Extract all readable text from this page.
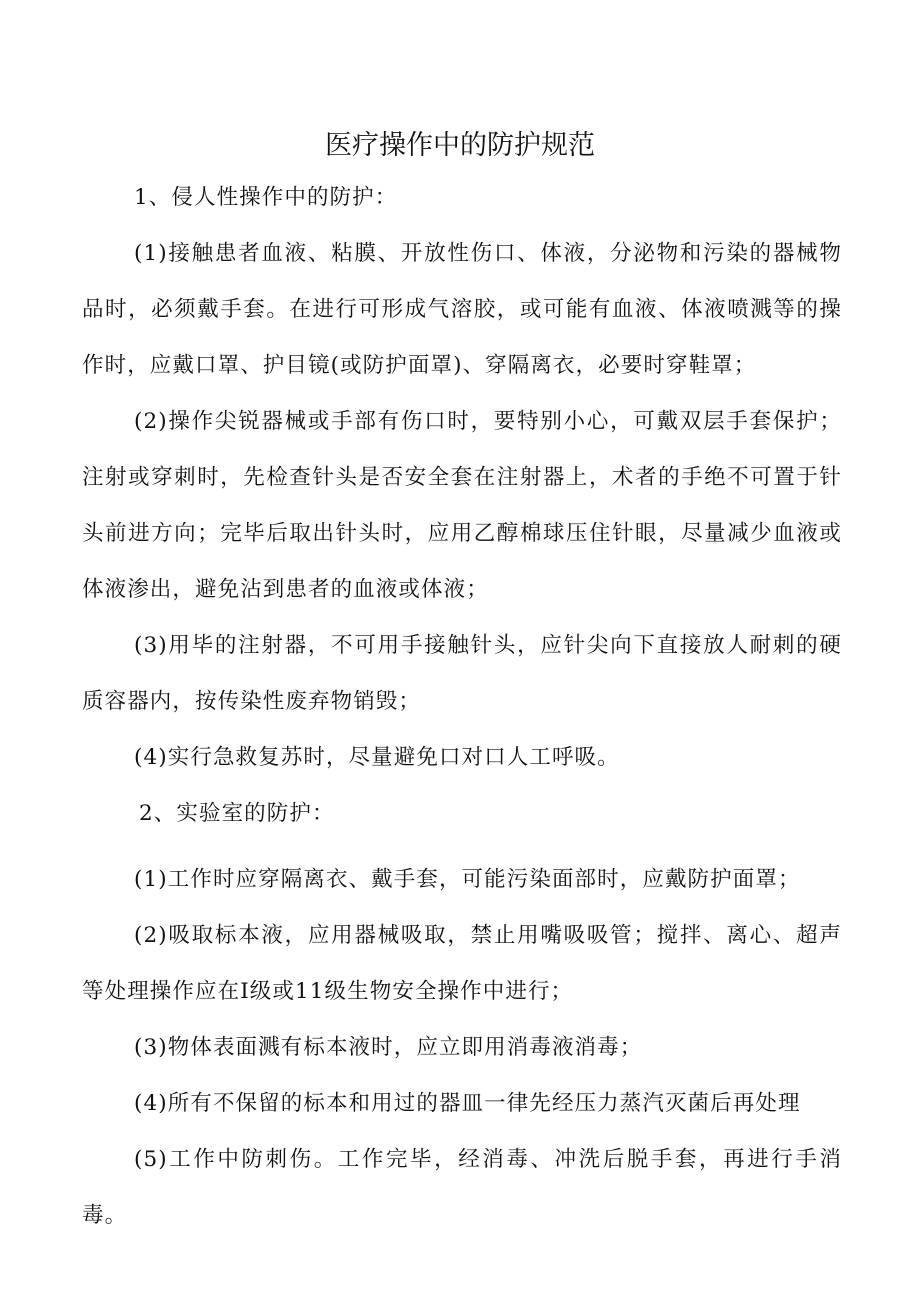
医疗操作中的防护规范

1、侵人性操作中的防护：

(1)接触患者血液、粘膜、开放性伤口、体液，分泌物和污染的器械物品时，必须戴手套。在进行可形成气溶胶，或可能有血液、体液喷溅等的操作时，应戴口罩、护目镜(或防护面罩)、穿隔离衣，必要时穿鞋罩；

(2)操作尖锐器械或手部有伤口时，要特别小心，可戴双层手套保护；注射或穿刺时，先检查针头是否安全套在注射器上，术者的手绝不可置于针头前进方向；完毕后取出针头时，应用乙醇棉球压住针眼，尽量减少血液或体液渗出，避免沾到患者的血液或体液；

(3)用毕的注射器，不可用手接触针头，应针尖向下直接放人耐刺的硬质容器内，按传染性废弃物销毁；

(4)实行急救复苏时，尽量避免口对口人工呼吸。

2、实验室的防护：

(1)工作时应穿隔离衣、戴手套，可能污染面部时，应戴防护面罩；

(2)吸取标本液，应用器械吸取，禁止用嘴吸吸管；搅拌、离心、超声等处理操作应在I级或11级生物安全操作中进行；

(3)物体表面溅有标本液时，应立即用消毒液消毒；

(4)所有不保留的标本和用过的器皿一律先经压力蒸汽灭菌后再处理

(5)工作中防刺伤。工作完毕，经消毒、冲洗后脱手套，再进行手消毒。
